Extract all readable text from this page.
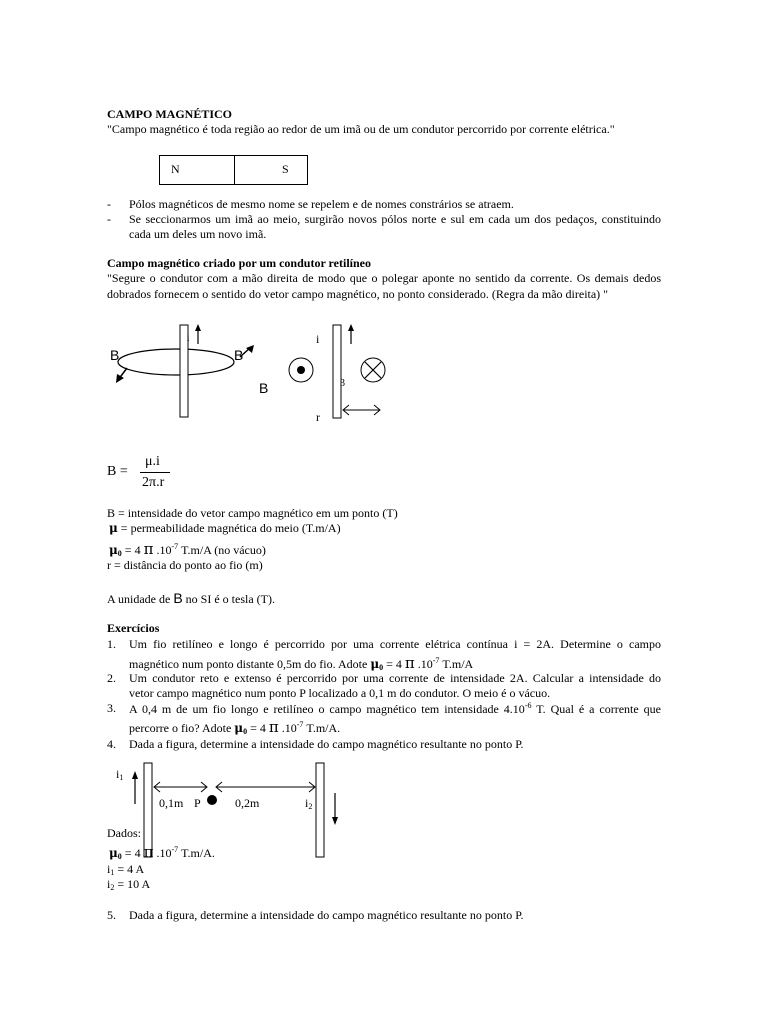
CAMPO MAGNÉTICO
"Campo magnético é toda região ao redor de um imã ou de um condutor percorrido por corrente elétrica."
N	S
- Pólos magnéticos de mesmo nome se repelem e de nomes constrários se atraem.
- Se seccionarmos um imã ao meio, surgirão novos pólos norte e sul em cada um dos pedaços, constituindo
cada um deles um novo imã.
Campo magnético criado por um condutor retilíneo
"Segure o condutor com a mão direita de modo que o polegar aponte no sentido da corrente. Os demais dedos
dobrados fornecem o sentido do vetor campo magnético, no ponto considerado. (Regra da mão direita) "
B	B
i	i
B	3
r
B =
μ.i
2π.r
B = intensidade do vetor campo magnético em um ponto (T)
μ = permeabilidade magnética do meio (T.m/A)
$\mu_0 = 4$ π $.10^{-7}$ T.m/A (no vácuo)
r = distância do ponto ao fio (m)
A unidade de B no SI é o tesla (T).
Exercícios
1. Um fio retilíneo e longo é percorrido por uma corrente elétrica contínua i = 2A. Determine o campo
magnético num ponto distante 0,5m do fio. Adote $\mu_0 = 4$ π $.10^{-7}$ T.m/A
2. Um condutor reto e extenso é percorrido por uma corrente de intensidade 2A. Calcular a intensidade do
vetor campo magnético num ponto P localizado a 0,1 m do condutor. O meio é o vácuo.
3. A 0,4 m de um fio longo e retilíneo o campo magnético tem intensidade $4.10^{-6}$ T. Qual é a corrente que
percorre o fio? Adote $\mu_0 = 4$ π $.10^{-7}$ T.m/A.
4. Dada a figura, determine a intensidade do campo magnético resultante no ponto P.
$i_1$
0,1m P	0,2m	$i_2$
Dados:
$\mu_0 = 4$ π $.10^{-7}$ T.m/A.
$i_1 = 4$ A
$i_2 = 10$ A
5. Dada a figura, determine a intensidade do campo magnético resultante no ponto P.
